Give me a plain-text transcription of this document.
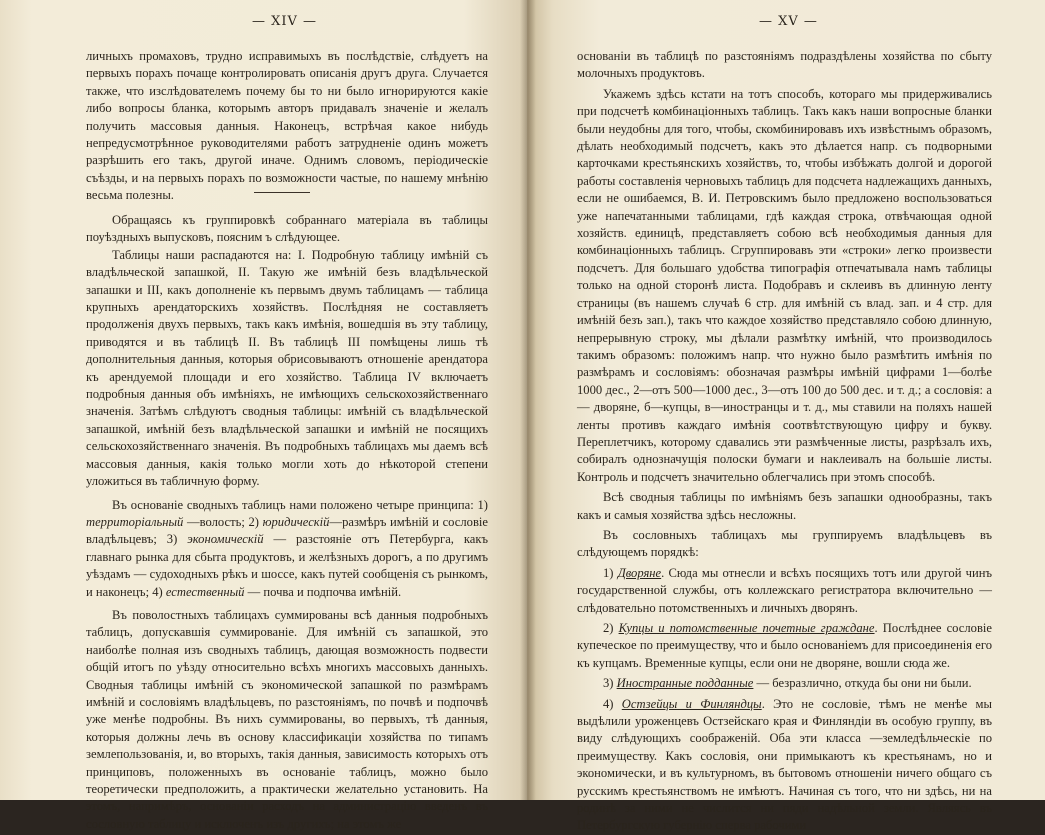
— XIV —

личныхъ промаховъ, трудно исправимыхъ въ послѣдствіе, слѣдуетъ на первыхъ порахъ почаще контролировать описанія другъ друга. Случается также, что изслѣдователемъ почему бы то ни было игнорируются какіе либо вопросы бланка, которымъ авторъ придавалъ значеніе и желалъ получить массовыя данныя. Наконецъ, встрѣчая какое нибудь непредусмотрѣнное руководителями работъ затрудненіе одинъ можетъ разрѣшить его такъ, другой иначе. Однимъ словомъ, періодическіе съѣзды, и на первыхъ порахъ по возможности частые, по нашему мнѣнію весьма полезны.

Обращаясь къ группировкѣ собраннаго матеріала въ таблицы поуѣздныхъ выпусковъ, поясним ъ слѣдующее.

Таблицы наши распадаются на: I. Подробную таблицу имѣній съ владѣльческой запашкой, II. Такую же имѣній безъ владѣльческой запашки и III, какъ дополненіе къ первымъ двумъ таблицамъ — таблица крупныхъ арендаторскихъ хозяйствъ. Послѣдняя не составляетъ продолженія двухъ первыхъ, такъ какъ имѣнія, вошедшія въ эту таблицу, приводятся и въ таблицѣ II. Въ таблицѣ III помѣщены лишь тѣ дополнительныя данныя, которыя обрисовываютъ отношеніе арендатора къ арендуемой площади и его хозяйство. Таблица IV включаетъ подробныя данныя объ имѣніяхъ, не имѣющихъ сельскохозяйственнаго значенія. Затѣмъ слѣдуютъ сводныя таблицы: имѣній съ владѣльческой запашкой, имѣній безъ владѣльческой запашки и имѣній не посящихъ сельскохозяйственнаго значенія. Въ подробныхъ таблицахъ мы даемъ всѣ массовыя данныя, какія только могли хоть до нѣкоторой степени уложиться въ табличную форму.

Въ основаніе сводныхъ таблицъ нами положено четыре принципа: 1) территоріальный —волость; 2) юридическій—размѣръ имѣній и сословіе владѣльцевъ; 3) экономическій — разстояніе отъ Петербурга, какъ главнаго рынка для сбыта продуктовъ, и желѣзныхъ дорогъ, а по другимъ уѣздамъ — судоходныхъ рѣкъ и шоссе, какъ путей сообщенія съ рынкомъ, и наконецъ; 4) естественный — почва и подпочва имѣній.

Въ поволостныхъ таблицахъ суммированы всѣ данныя подробныхъ таблицъ, допускавшія суммированіе. Для имѣній съ запашкой, это наиболѣе полная изъ сводныхъ таблицъ, дающая возможность подвести общій итогъ по уѣзду относительно всѣхъ многихъ массовыхъ данныхъ. Сводныя таблицы имѣній съ экономической запашкой по размѣрамъ имѣній и сословіямъ владѣльцевъ, по разстояніямъ, по почвѣ и подпочвѣ уже менѣе подробны. Въ нихъ суммированы, во первыхъ, тѣ данныя, которыя должны лечь въ основу классификаціи хозяйства по типамъ землепользованія, и, во вторыхъ, такія данныя, зависимость которыхъ отъ принциповъ, положенныхъ въ основаніе таблицъ, можно было теоретически предположить, а практически желательно установить. На этомъ, напримѣръ, основаніи расходъ на администрацію введенъ въ сословную таблицу и исключенъ изъ другихъ; на этомъ же

— XV —

основаніи въ таблицѣ по разстояніямъ подраздѣлены хозяйства по сбыту молочныхъ продуктовъ.

Укажемъ здѣсь кстати на тотъ способъ, котораго мы придерживались при подсчетѣ комбинаціонныхъ таблицъ. Такъ какъ наши вопросные бланки были неудобны для того, чтобы, скомбинировавъ ихъ извѣстнымъ образомъ, дѣлать необходимый подсчетъ, какъ это дѣлается напр. съ подворными карточками крестьянскихъ хозяйствъ, то, чтобы избѣжать долгой и дорогой работы составленія черновыхъ таблицъ для подсчета надлежащихъ данныхъ, если не ошибаемся, В. И. Петровскимъ было предложено воспользоваться уже напечатанными таблицами, гдѣ каждая строка, отвѣчающая одной хозяйств. единицѣ, представляетъ собою всѣ необходимыя данныя для комбинаціонныхъ таблицъ. Сгруппировавъ эти «строки» легко произвести подсчетъ. Для большаго удобства типографія отпечатывала намъ таблицы только на одной сторонѣ листа. Подобравъ и склеивъ въ длинную ленту страницы (въ нашемъ случаѣ 6 стр. для имѣній съ влад. зап. и 4 стр. для имѣній безъ зап.), такъ что каждое хозяйство представляло собою длинную, непрерывную строку, мы дѣлали размѣтку имѣній, что производилось такимъ образомъ: положимъ напр. что нужно было размѣтить имѣнія по размѣрамъ и сословіямъ: обозначая размѣры имѣній цифрами 1—болѣе 1000 дес., 2—отъ 500—1000 дес., 3—отъ 100 до 500 дес. и т. д.; а сословія: а — дворяне, б—купцы, в—иностранцы и т. д., мы ставили на поляхъ нашей ленты противъ каждаго имѣнія соотвѣтствующую цифру и букву. Переплетчикъ, которому сдавались эти размѣченные листы, разрѣзалъ ихъ, собиралъ однозначущія полоски бумаги и наклеивалъ на большіе листы. Контроль и подсчетъ значительно облегчались при этомъ способѣ.

Всѣ сводныя таблицы по имѣніямъ безъ запашки однообразны, такъ какъ и самыя хозяйства здѣсь несложны.

Въ сословныхъ таблицахъ мы группируемъ владѣльцевъ въ слѣдующемъ порядкѣ:

1) Дворяне. Сюда мы отнесли и всѣхъ посящихъ тотъ или другой чинъ государственной службы, отъ коллежскаго регистратора включительно — слѣдовательно потомственныхъ и личныхъ дворянъ.

2) Купцы и потомственные почетные граждане. Послѣднее сословіе купеческое по преимуществу, что и было основаніемъ для присоединенія его къ купцамъ. Временные купцы, если они не дворяне, вошли сюда же.

3) Иностранные подданные — безразлично, откуда бы они ни были.

4) Остзейцы и Финляндцы. Это не сословіе, тѣмъ не менѣе мы выдѣлили уроженцевъ Остзейскаго края и Финляндіи въ особую группу, въ виду слѣдующихъ соображеній. Оба эти класса —земледѣльческіе по преимуществу. Какъ сословія, они примыкаютъ къ крестьянамъ, но и экономически, и въ культурномъ, въ бытовомъ отношеніи ничего общаго съ русскимъ крестьянствомъ не имѣютъ. Начиная съ того, что ни здѣсь, ни на родинѣ за ними не числится ни пяди надѣльной земли. Являясь въ Петербургскую губернію сперва рабочими
